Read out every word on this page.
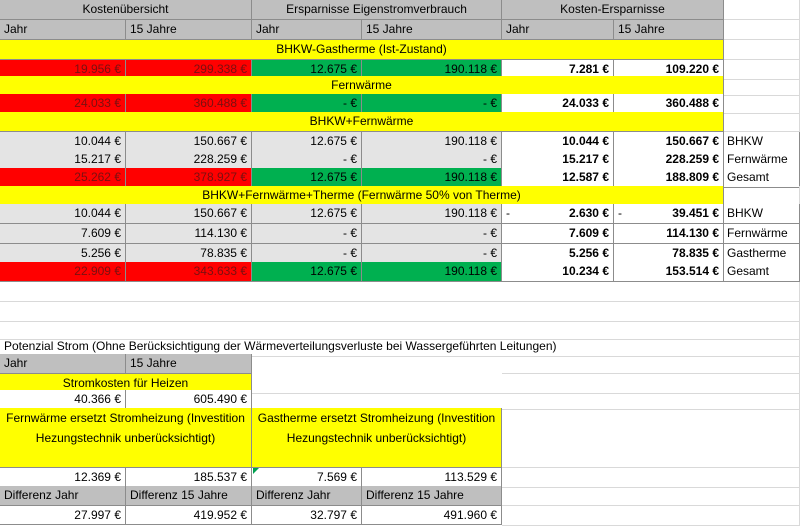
Kostenübersicht	Ersparnisse Eigenstromverbrauch	Kosten-Ersparnisse
Jahr	15 Jahre	Jahr	15 Jahre	Jahr	15 Jahre
BHKW-Gastherme (Ist-Zustand)
19.956 €	299.338 €	12.675 €	190.118 €	7.281 €	109.220 €
Fernwärme
24.033 €	360.488 €	- €	- €	24.033 €	360.488 €
BHKW+Fernwärme
10.044 €	150.667 €	12.675 €	190.118 €	10.044 €	150.667 € BHKW
15.217 €	228.259 €	- €	- €	15.217 €	228.259 € Fernwärme
25.262 €	378.927 €	12.675 €	190.118 €	12.587 €	188.809 € Gesamt
BHKW+Fernwärme+Therme (Fernwärme 50% von Therme)
10.044 €	150.667 €	12.675 €	190.118 € -	2.630 € -	39.451 € BHKW
7.609 €	114.130 €	- €	- €	7.609 €	114.130 € Fernwärme
5.256 €	78.835 €	- €	- €	5.256 €	78.835 € Gastherme
22.909 €	343.633 €	12.675 €	190.118 €	10.234 €	153.514 € Gesamt
Potenzial Strom (Ohne Berücksichtigung der Wärmeverteilungsverluste bei Wassergeführten Leitungen)
Jahr	15 Jahre
Stromkosten für Heizen
40.366 €	605.490 €
Fernwärme ersetzt Stromheizung (Investition Hezungstechnik unberücksichtigt)
Gastherme ersetzt Stromheizung (Investition Hezungstechnik unberücksichtigt)
12.369 €	185.537 €	7.569 €	113.529 €
Differenz Jahr	Differenz 15 Jahre	Differenz Jahr	Differenz 15 Jahre
27.997 €	419.952 €	32.797 €	491.960 €
